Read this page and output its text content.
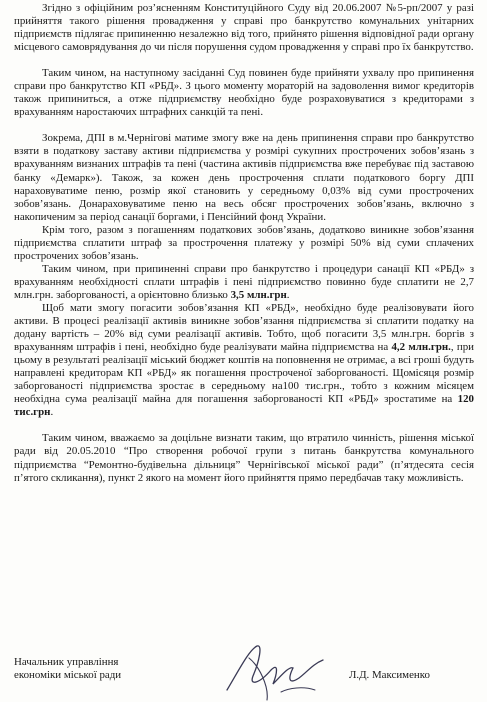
Згідно з офіційним роз’ясненням Конституційного Суду від 20.06.2007 №5-рп/2007 у разі прийняття такого рішення провадження у справі про банкрутство комунальних унітарних підприємств підлягає припиненню незалежно від того, прийнято рішення відповідної ради органу місцевого самоврядування до чи після порушення судом провадження у справі про їх банкрутство.

Таким чином, на наступному засіданні Суд повинен буде прийняти ухвалу про припинення справи про банкрутство КП «РБД». З цього моменту мораторій на задоволення вимог кредиторів також припиниться, а отже підприємству необхідно буде розраховуватися з кредиторами з врахуванням наростаючих штрафних санкцій та пені.

Зокрема, ДПІ в м.Чернігові матиме змогу вже на день припинення справи про банкрутство взяти в податкову заставу активи підприємства у розмірі сукупних прострочених зобов’язань з врахуванням визнаних штрафів та пені (частина активів підприємства вже перебуває під заставою банку «Демарк»). Також, за кожен день прострочення сплати податкового боргу ДПІ нараховуватиме пеню, розмір якої становить у середньому 0,03% від суми прострочених зобов’язань. Донараховуватиме пеню на весь обсяг прострочених зобов’язань, включно з накопиченим за період санації боргами, і Пенсійний фонд України.

Крім того, разом з погашенням податкових зобов’язань, додатково виникне зобов’язання підприємства сплатити штраф за прострочення платежу у розмірі 50% від суми сплачених прострочених зобов’язань.

Таким чином, при припиненні справи про банкрутство і процедури санації КП «РБД» з врахуванням необхідності сплати штрафів і пені підприємство повинно буде сплатити не 2,7 млн.грн. заборгованості, а орієнтовно близько 3,5 млн.грн.

Щоб мати змогу погасити зобов’язання КП «РБД», необхідно буде реалізовувати його активи. В процесі реалізації активів виникне зобов’язання підприємства зі сплатити податку на додану вартість – 20% від суми реалізації активів. Тобто, щоб погасити 3,5 млн.грн. боргів з врахуванням штрафів і пені, необхідно буде реалізувати майна підприємства на 4,2 млн.грн., при цьому в результаті реалізації міський бюджет коштів на поповнення не отримає, а всі гроші будуть направлені кредиторам КП «РБД» як погашення простроченої заборгованості. Щомісяця розмір заборгованості підприємства зростає в середньому на100 тис.грн., тобто з кожним місяцем необхідна сума реалізації майна для погашення заборгованості КП «РБД» зростатиме на 120 тис.грн.

Таким чином, вважаємо за доцільне визнати таким, що втратило чинність, рішення міської ради від 20.05.2010 “Про створення робочої групи з питань банкрутства комунального підприємства “Ремонтно-будівельна дільниця” Чернігівської міської ради” (п’ятдесята сесія п’ятого скликання), пункт 2 якого на момент його прийняття прямо передбачав таку можливість.

Начальник управління
економіки міської ради	Л.Д. Максименко
